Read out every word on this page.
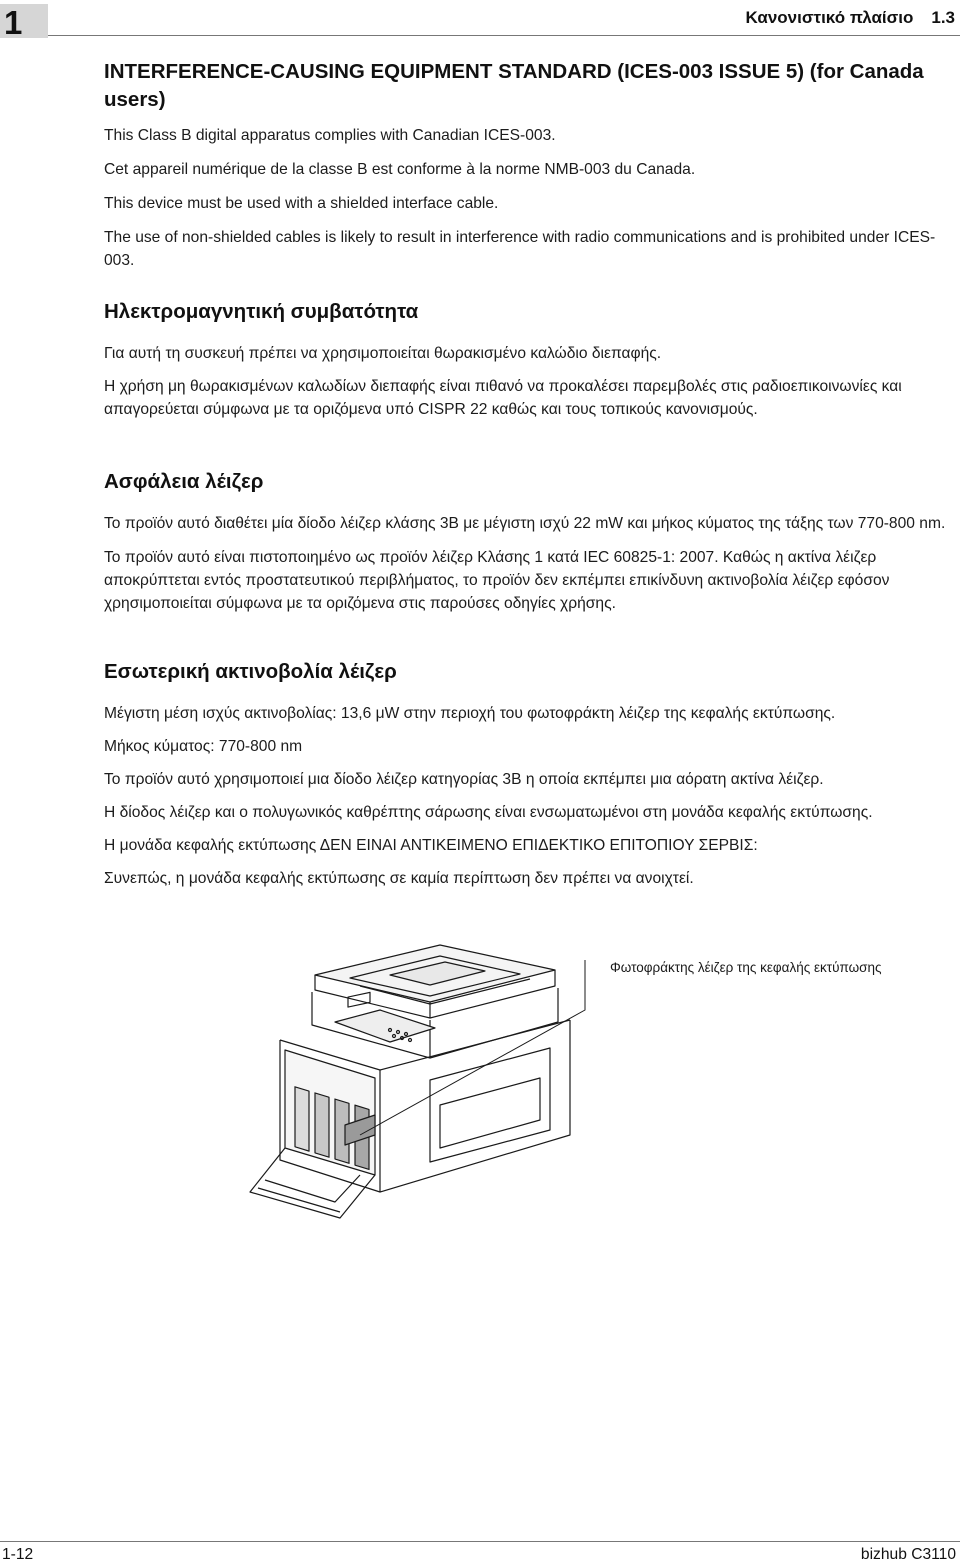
1	Κανονιστικό πλαίσιο 1.3
INTERFERENCE-CAUSING EQUIPMENT STANDARD (ICES-003 ISSUE 5) (for Canada users)

This Class B digital apparatus complies with Canadian ICES-003.

Cet appareil numérique de la classe B est conforme à la norme NMB-003 du Canada.

This device must be used with a shielded interface cable.

The use of non-shielded cables is likely to result in interference with radio communications and is prohibited under ICES-003.

Ηλεκτρομαγνητική συμβατότητα

Για αυτή τη συσκευή πρέπει να χρησιμοποιείται θωρακισμένο καλώδιο διεπαφής.

Η χρήση μη θωρακισμένων καλωδίων διεπαφής είναι πιθανό να προκαλέσει παρεμβολές στις ραδιοεπικοινωνίες και απαγορεύεται σύμφωνα με τα οριζόμενα υπό CISPR 22 καθώς και τους τοπικούς κανονισμούς.

Ασφάλεια λέιζερ

Το προϊόν αυτό διαθέτει μία δίοδο λέιζερ κλάσης 3B με μέγιστη ισχύ 22 mW και μήκος κύματος της τάξης των 770-800 nm.

Το προϊόν αυτό είναι πιστοποιημένο ως προϊόν λέιζερ Κλάσης 1 κατά IEC 60825-1: 2007. Καθώς η ακτίνα λέιζερ αποκρύπτεται εντός προστατευτικού περιβλήματος, το προϊόν δεν εκπέμπει επικίνδυνη ακτινοβολία λέιζερ εφόσον χρησιμοποιείται σύμφωνα με τα οριζόμενα στις παρούσες οδηγίες χρήσης.

Εσωτερική ακτινοβολία λέιζερ

Μέγιστη μέση ισχύς ακτινοβολίας: 13,6 μW στην περιοχή του φωτοφράκτη λέιζερ της κεφαλής εκτύπωσης.

Μήκος κύματος: 770-800 nm

Το προϊόν αυτό χρησιμοποιεί μια δίοδο λέιζερ κατηγορίας 3B η οποία εκπέμπει μια αόρατη ακτίνα λέιζερ.

Η δίοδος λέιζερ και ο πολυγωνικός καθρέπτης σάρωσης είναι ενσωματωμένοι στη μονάδα κεφαλής εκτύπωσης.

Η μονάδα κεφαλής εκτύπωσης ΔΕΝ ΕΙΝΑΙ ΑΝΤΙΚΕΙΜΕΝΟ ΕΠΙΔΕΚΤΙΚΟ ΕΠΙΤΟΠΙΟΥ ΣΕΡΒΙΣ:

Συνεπώς, η μονάδα κεφαλής εκτύπωσης σε καμία περίπτωση δεν πρέπει να ανοιχτεί.

Φωτοφράκτης λέιζερ της κεφαλής εκτύπωσης
1-12	bizhub C3110
